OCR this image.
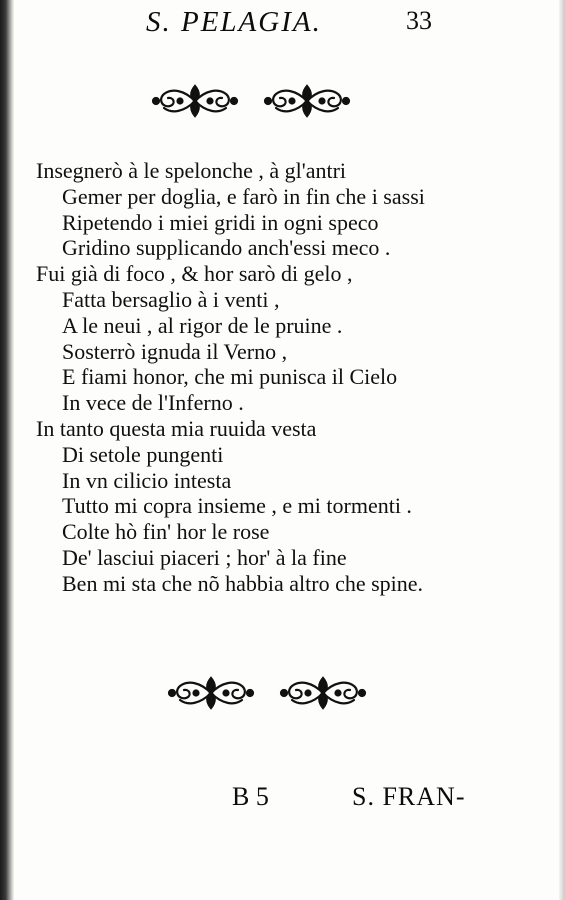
S. PELAGIA.	33
Insegnerò à le spelonche , à gl'antri
Gemer per doglia, e farò in fin che i sassi
Ripetendo i miei gridi in ogni speco
Gridino supplicando anch'essi meco .
Fui già di foco , & hor sarò di gelo ,
Fatta bersaglio à i venti ,
A le neui , al rigor de le pruine .
Sosterrò ignuda il Verno ,
E fiami honor, che mi punisca il Cielo
In vece de l'Inferno .
In tanto questa mia ruuida vesta
Di setole pungenti
In vn cilicio intesta
Tutto mi copra insieme , e mi tormenti .
Colte hò fin' hor le rose
De' lasciui piaceri ; hor' à la fine
Ben mi sta che nõ habbia altro che spine.
B 5	S. FRAN-
